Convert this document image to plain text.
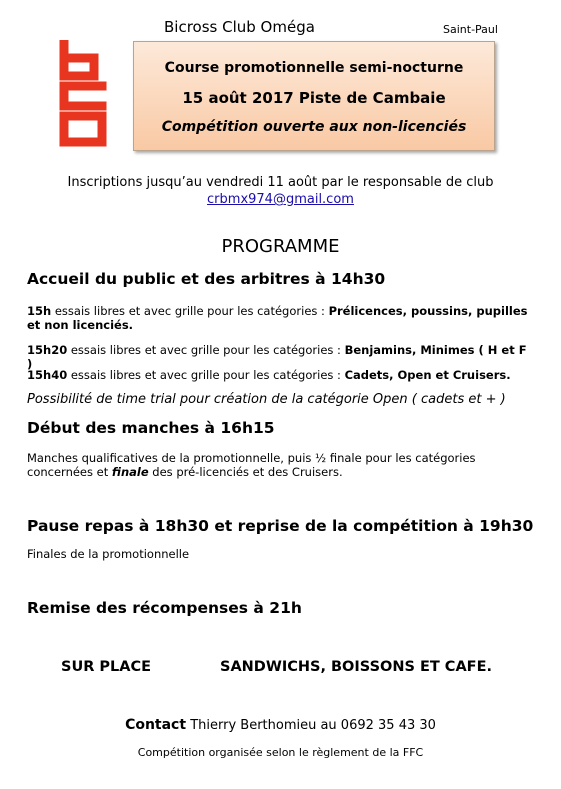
Bicross Club Oméga	Saint-Paul
Course promotionnelle semi-nocturne
15 août 2017 Piste de Cambaie
Compétition ouverte aux non-licenciés
Inscriptions jusqu’au vendredi 11 août par le responsable de club
crbmx974@gmail.com
PROGRAMME
Accueil du public et des arbitres à 14h30
15h essais libres et avec grille pour les catégories : Prélicences, poussins, pupilles et non licenciés.
15h20 essais libres et avec grille pour les catégories : Benjamins, Minimes ( H et F )
15h40 essais libres et avec grille pour les catégories : Cadets, Open et Cruisers.
Possibilité de time trial pour création de la catégorie Open ( cadets et + )
Début des manches à 16h15
Manches qualificatives de la promotionnelle, puis ½ finale pour les catégories concernées et finale des pré-licenciés et des Cruisers.
Pause repas à 18h30 et reprise de la compétition à 19h30
Finales de la promotionnelle
Remise des récompenses à 21h
SUR PLACE	SANDWICHS, BOISSONS ET CAFE.
Contact Thierry Berthomieu au 0692 35 43 30
Compétition organisée selon le règlement de la FFC
